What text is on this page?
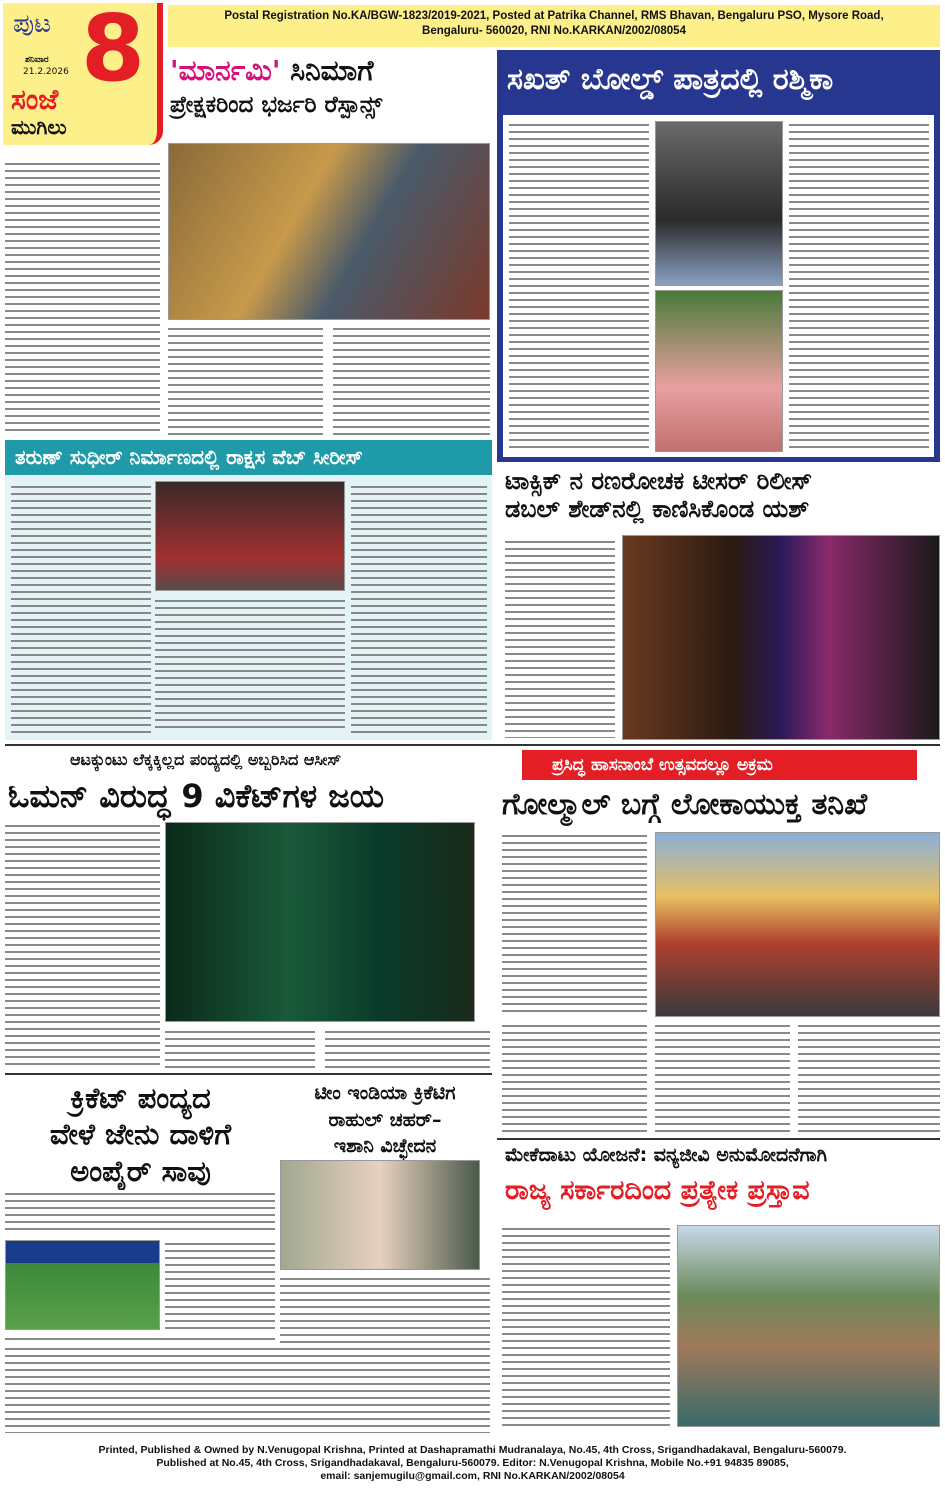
ಪುಟ 8
ಶನಿವಾರ
21.2.2026
ಸಂಜೆ
ಮುಗಿಲು
Postal Registration No.KA/BGW-1823/2019-2021, Posted at Patrika Channel, RMS Bhavan, Bengaluru PSO, Mysore Road, Bengaluru- 560020, RNI No.KARKAN/2002/08054
'ಮಾರ್ನಮಿ' ಸಿನಿಮಾಗೆ
ಪ್ರೇಕ್ಷಕರಿಂದ ಭರ್ಜರಿ ರೆಸ್ಪಾನ್ಸ್
ಸಖತ್ ಬೋಲ್ಡ್ ಪಾತ್ರದಲ್ಲಿ ರಶ್ಮಿಕಾ
ತರುಣ್ ಸುಧೀರ್ ನಿರ್ಮಾಣದಲ್ಲಿ ರಾಕ್ಷಸ ವೆಬ್ ಸೀರೀಸ್
ಟಾಕ್ಸಿಕ್ ನ ರಣರೋಚಕ ಟೀಸರ್ ರಿಲೀಸ್
ಡಬಲ್ ಶೇಡ್‌ನಲ್ಲಿ ಕಾಣಿಸಿಕೊಂಡ ಯಶ್
ಆಟಕ್ಕುಂಟು ಲೆಕ್ಕಕ್ಕಿಲ್ಲದ ಪಂದ್ಯದಲ್ಲಿ ಅಬ್ಬರಿಸಿದ ಆಸೀಸ್
ಓಮನ್ ವಿರುದ್ಧ 9 ವಿಕೆಟ್‌ಗಳ ಜಯ
ಪ್ರಸಿದ್ಧ ಹಾಸನಾಂಬೆ ಉತ್ಸವದಲ್ಲೂ ಅಕ್ರಮ
ಗೋಲ್ಮಾಲ್ ಬಗ್ಗೆ ಲೋಕಾಯುಕ್ತ ತನಿಖೆ
ಕ್ರಿಕೆಟ್ ಪಂದ್ಯದ
ವೇಳೆ ಜೇನು ದಾಳಿಗೆ
ಅಂಪೈರ್ ಸಾವು
ಟೀಂ ಇಂಡಿಯಾ ಕ್ರಿಕೆಟಿಗ
ರಾಹುಲ್ ಚಹರ್–
ಇಶಾನಿ ವಿಚ್ಛೇದನ	ಮೇಕೆದಾಟು ಯೋಜನೆ: ವನ್ಯಜೀವಿ ಅನುಮೋದನೆಗಾಗಿ
ರಾಜ್ಯ ಸರ್ಕಾರದಿಂದ ಪ್ರತ್ಯೇಕ ಪ್ರಸ್ತಾವ
Printed, Published & Owned by N.Venugopal Krishna, Printed at Dashapramathi Mudranalaya, No.45, 4th Cross, Srigandhadakaval, Bengaluru-560079.
Published at No.45, 4th Cross, Srigandhadakaval, Bengaluru-560079. Editor: N.Venugopal Krishna, Mobile No.+91 94835 89085,
email: sanjemugilu@gmail.com, RNI No.KARKAN/2002/08054
